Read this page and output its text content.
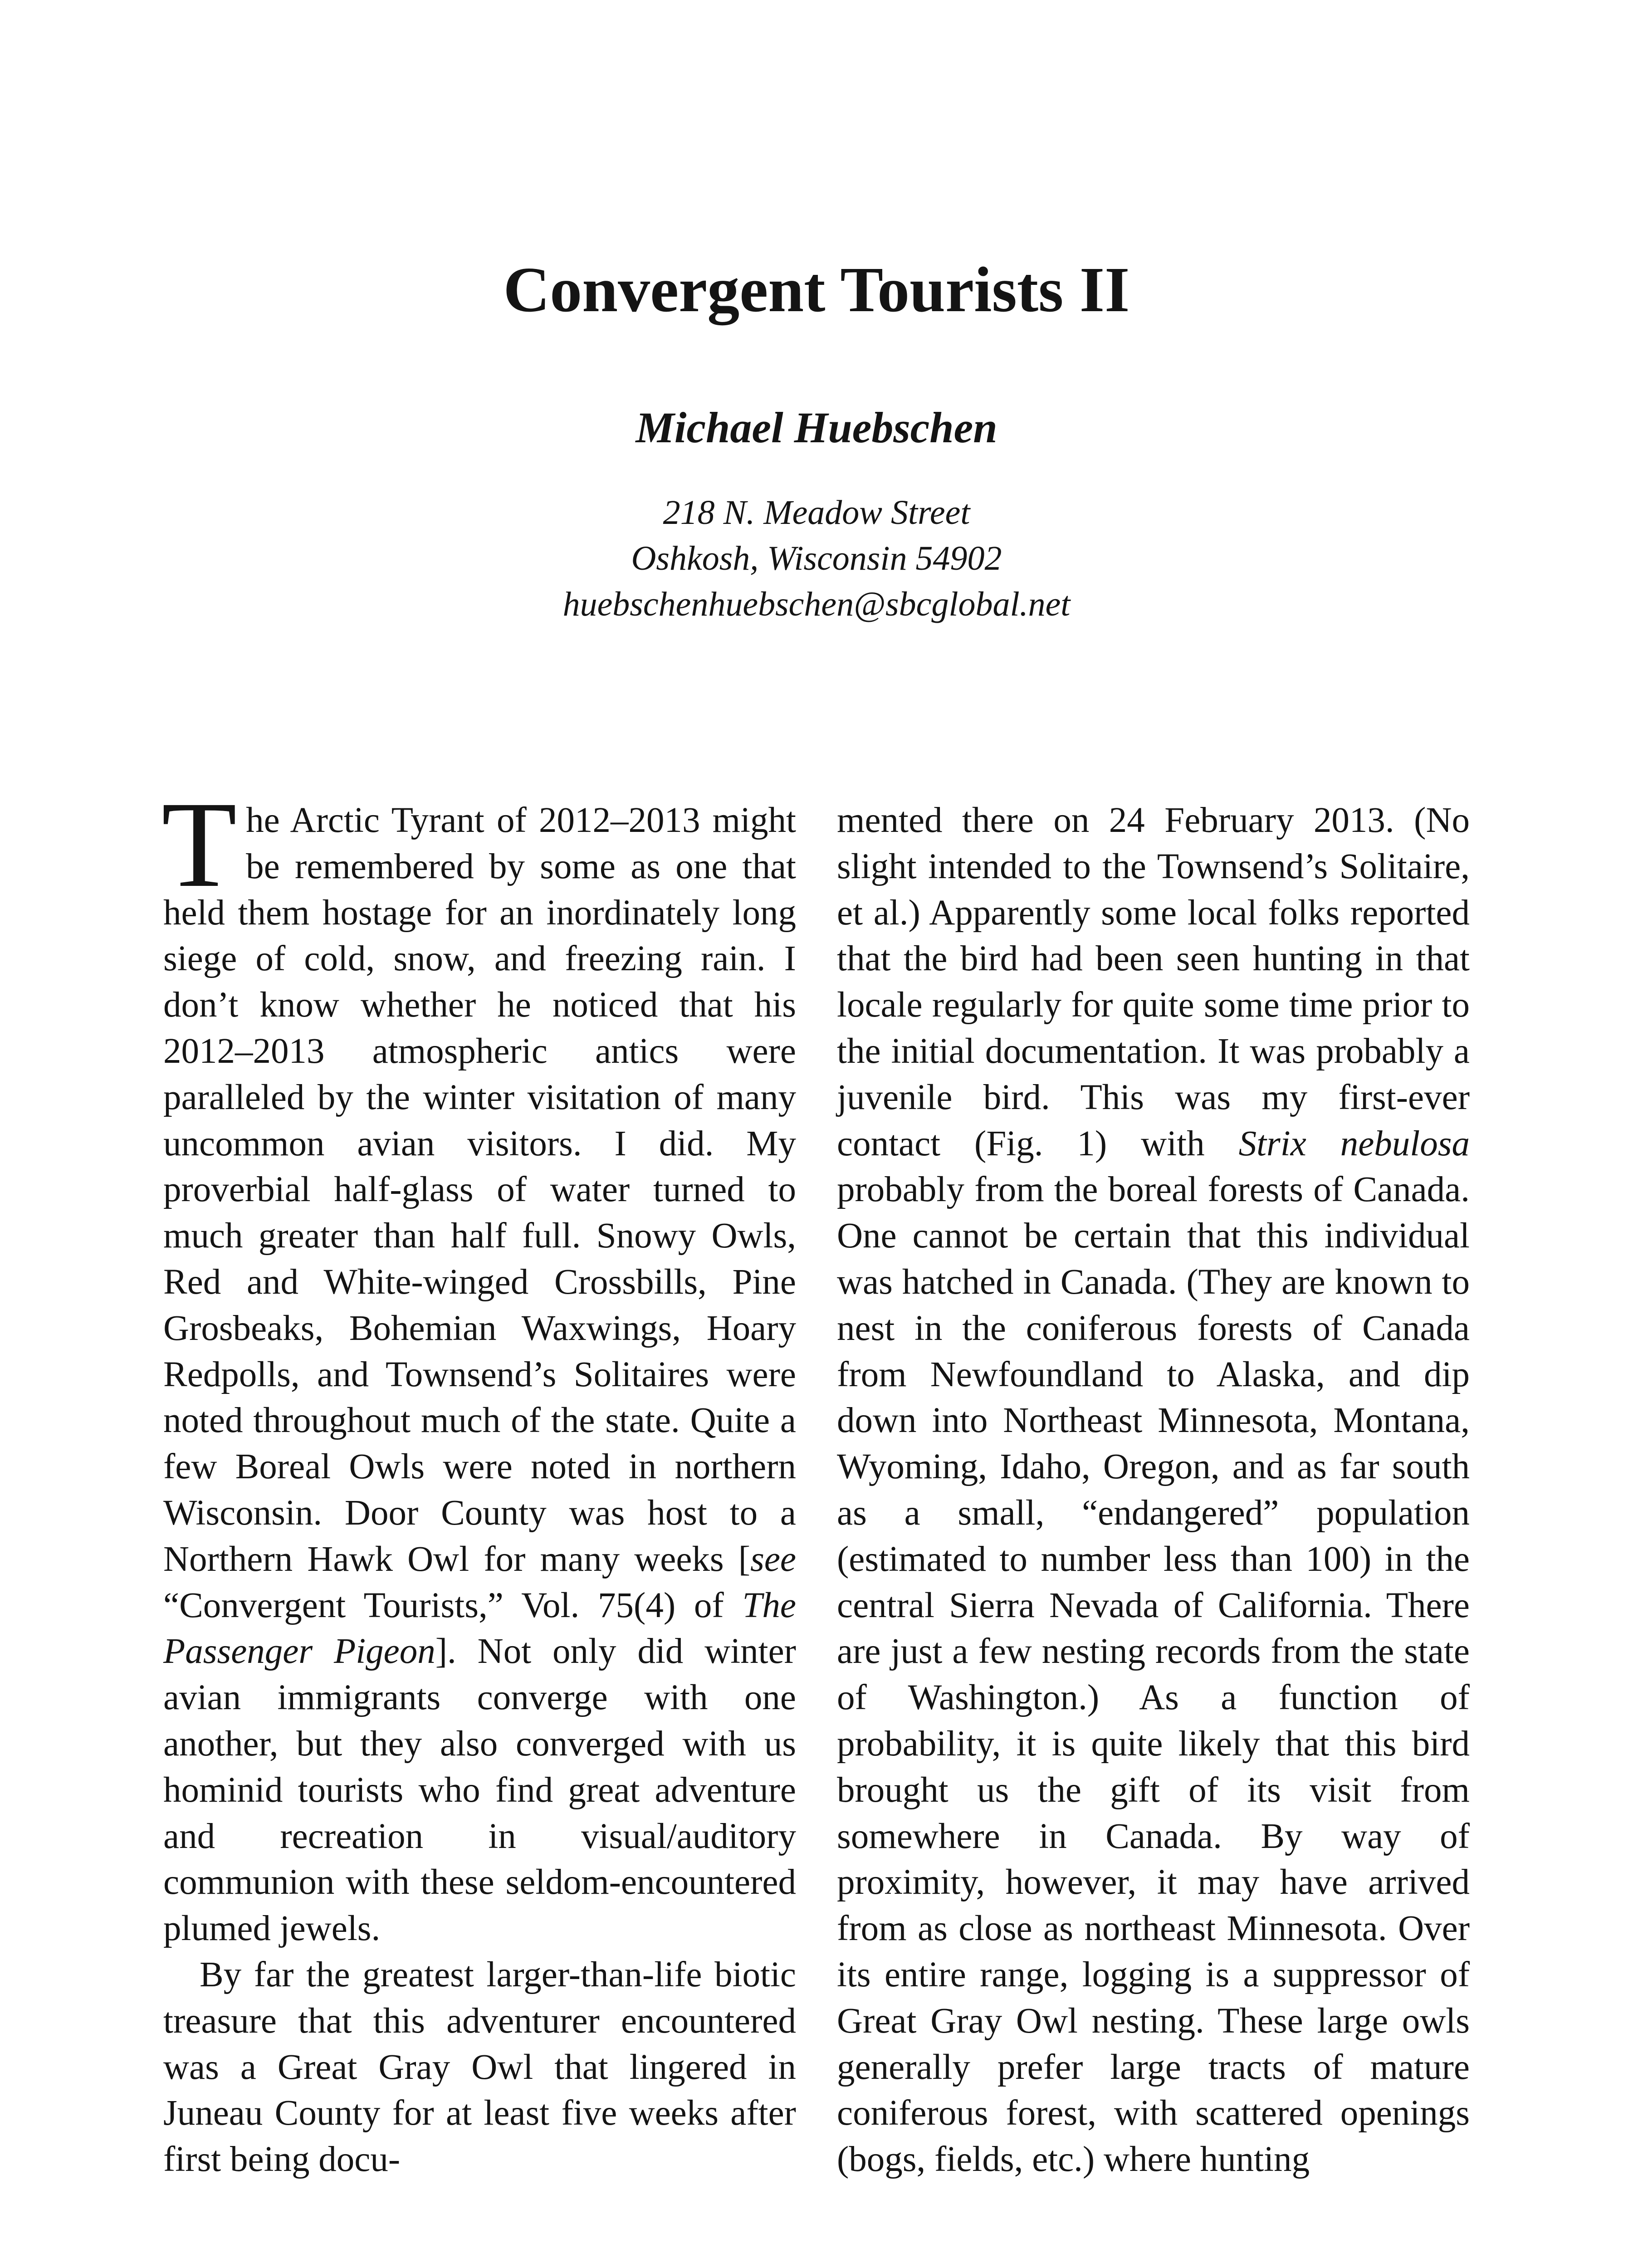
Convergent Tourists II
Michael Huebschen
218 N. Meadow Street
Oshkosh, Wisconsin 54902
huebschenhuebschen@sbcglobal.net

The Arctic Tyrant of 2012–2013 might be remembered by some as one that held them hostage for an inordinately long siege of cold, snow, and freezing rain. I don’t know whether he noticed that his 2012–2013 atmospheric antics were paralleled by the winter visitation of many uncommon avian visitors. I did. My proverbial half-glass of water turned to much greater than half full. Snowy Owls, Red and White-winged Crossbills, Pine Grosbeaks, Bohemian Waxwings, Hoary Redpolls, and Townsend’s Solitaires were noted throughout much of the state. Quite a few Boreal Owls were noted in northern Wisconsin. Door County was host to a Northern Hawk Owl for many weeks [see “Convergent Tourists,” Vol. 75(4) of The Passenger Pigeon]. Not only did winter avian immigrants converge with one another, but they also converged with us hominid tourists who find great adventure and recreation in visual/auditory communion with these seldom-encountered plumed jewels.

By far the greatest larger-than-life biotic treasure that this adventurer encountered was a Great Gray Owl that lingered in Juneau County for at least five weeks after first being docu-

mented there on 24 February 2013. (No slight intended to the Townsend’s Solitaire, et al.) Apparently some local folks reported that the bird had been seen hunting in that locale regularly for quite some time prior to the initial documentation. It was probably a juvenile bird. This was my first-ever contact (Fig. 1) with Strix nebulosa probably from the boreal forests of Canada. One cannot be certain that this individual was hatched in Canada. (They are known to nest in the coniferous forests of Canada from Newfoundland to Alaska, and dip down into Northeast Minnesota, Montana, Wyoming, Idaho, Oregon, and as far south as a small, “endangered” population (estimated to number less than 100) in the central Sierra Nevada of California. There are just a few nesting records from the state of Washington.) As a function of probability, it is quite likely that this bird brought us the gift of its visit from somewhere in Canada. By way of proximity, however, it may have arrived from as close as northeast Minnesota. Over its entire range, logging is a suppressor of Great Gray Owl nesting. These large owls generally prefer large tracts of mature coniferous forest, with scattered openings (bogs, fields, etc.) where hunting
